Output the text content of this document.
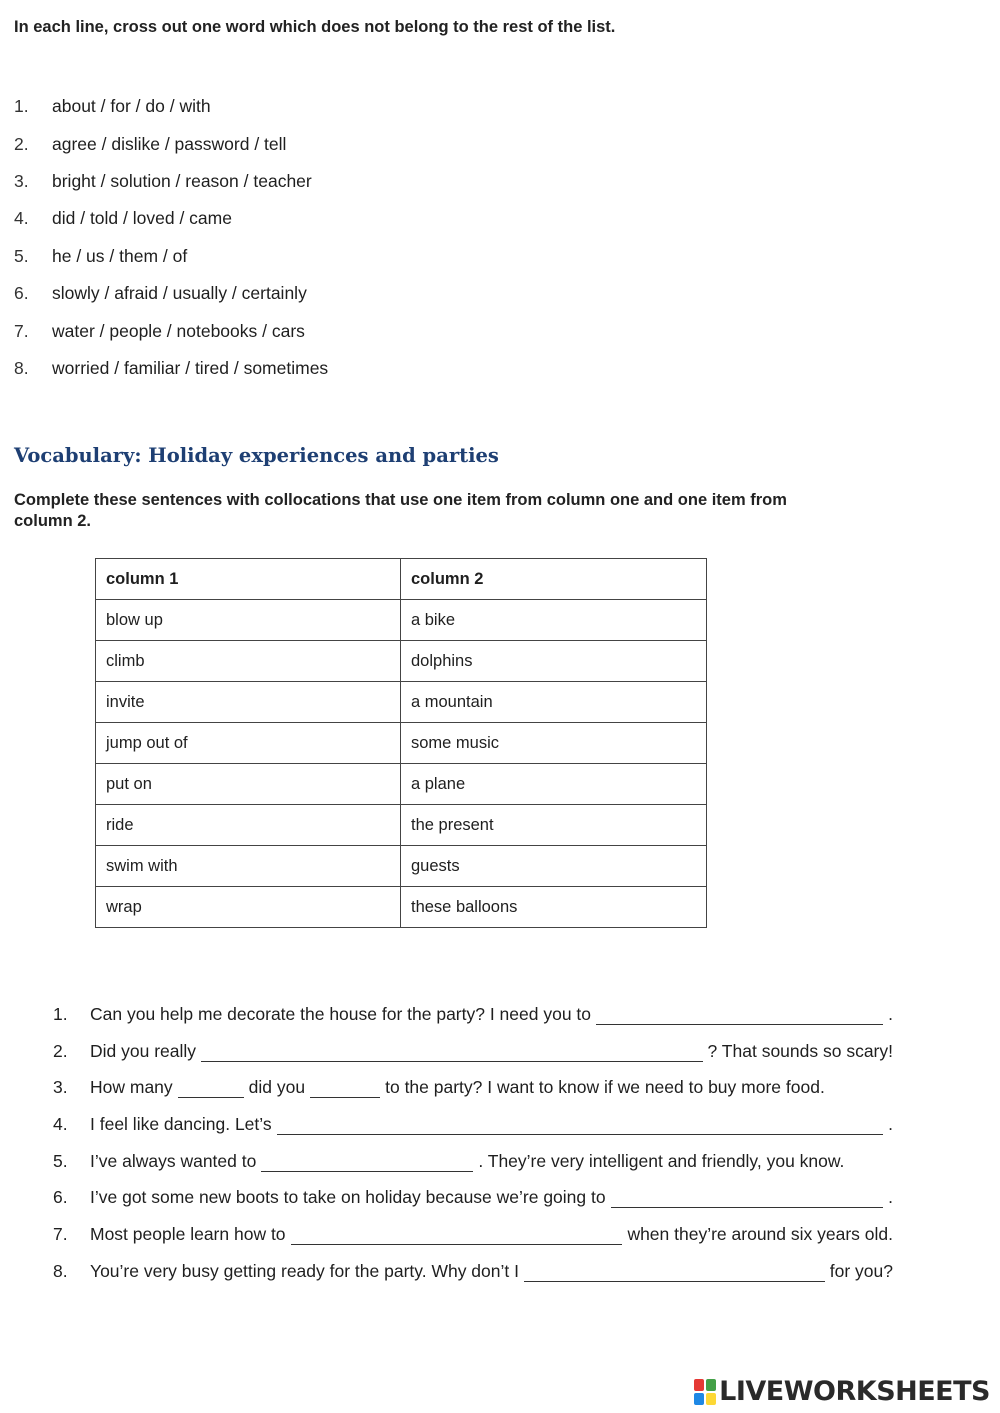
In each line, cross out one word which does not belong to the rest of the list.
1.	about / for / do / with
2.	agree / dislike / password / tell
3.	bright / solution / reason / teacher
4.	did / told / loved / came
5.	he / us / them / of
6.	slowly / afraid / usually / certainly
7.	water / people / notebooks / cars
8.	worried / familiar / tired / sometimes
Vocabulary: Holiday experiences and parties
Complete these sentences with collocations that use one item from column one and one item from
column 2.
column 1	column 2
blow up	a bike
climb	dolphins
invite	a mountain
jump out of	some music
put on	a plane
ride	the present
swim with	guests
wrap	these balloons
1.	Can you help me decorate the house for the party? I need you to	.
2.	Did you really	? That sounds so scary!
3.	How many	did you	to the party? I want to know if we need to buy more food.
4.	I feel like dancing. Let’s	.
5.	I’ve always wanted to	. They’re very intelligent and friendly, you know.
6.	I’ve got some new boots to take on holiday because we’re going to	.
7.	Most people learn how to	when they’re around six years old.
8.	You’re very busy getting ready for the party. Why don’t I	for you?
LIVEWORKSHEETS
